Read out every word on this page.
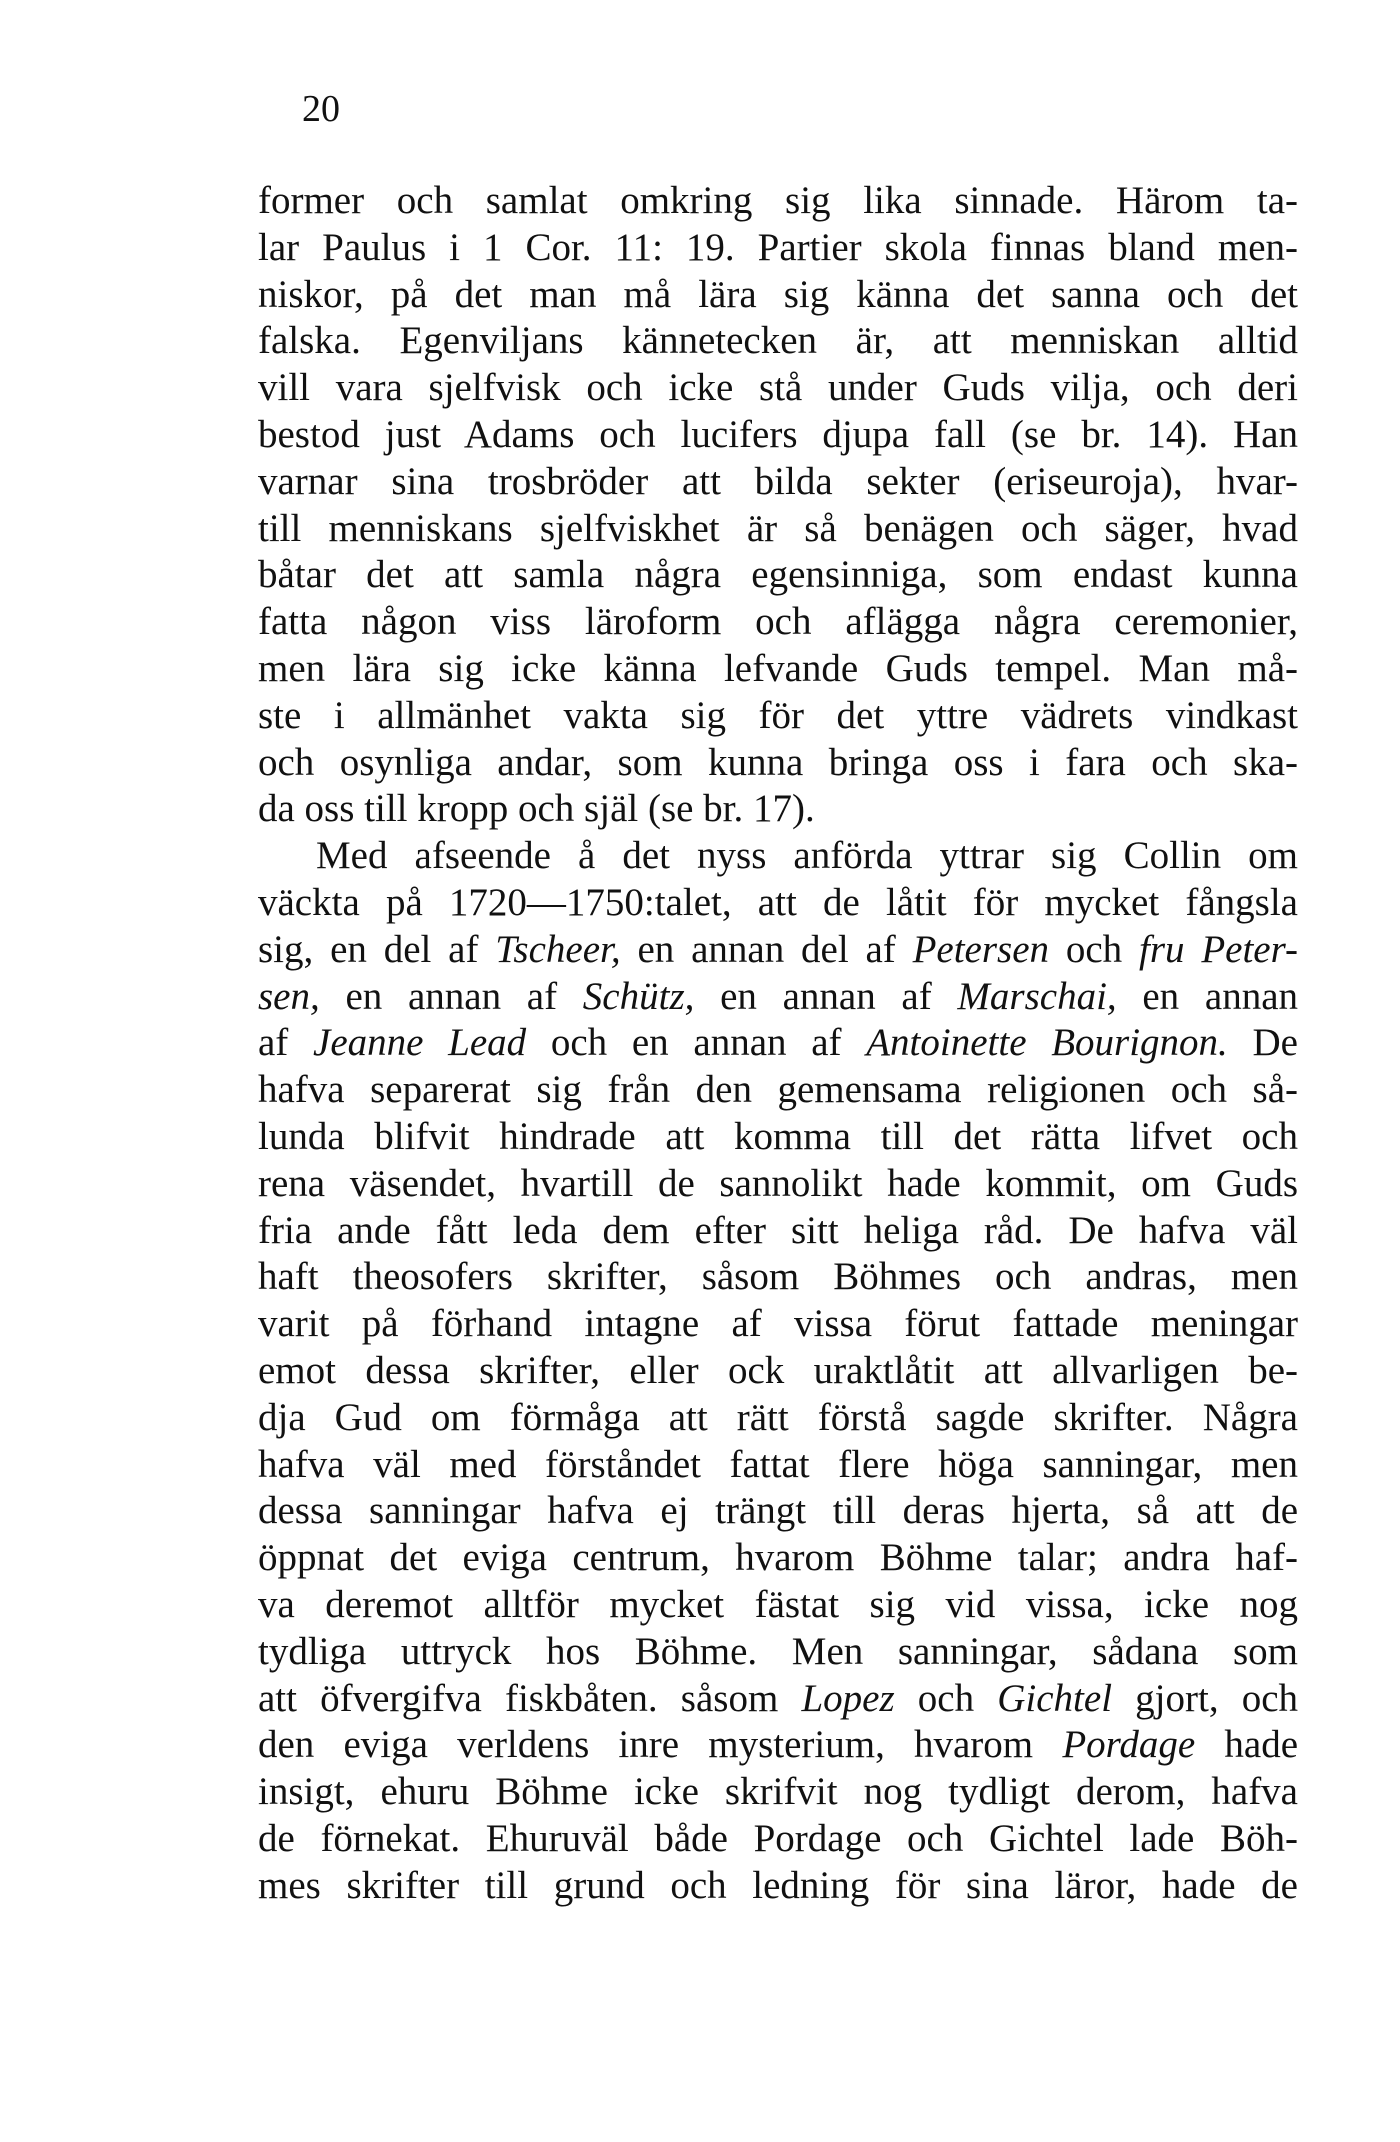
20
former och samlat omkring sig lika sinnade. Härom ta-
lar Paulus i 1 Cor. 11: 19. Partier skola finnas bland men-
niskor, på det man må lära sig känna det sanna och det
falska. Egenviljans kännetecken är, att menniskan alltid
vill vara sjelfvisk och icke stå under Guds vilja, och deri
bestod just Adams och lucifers djupa fall (se br. 14). Han
varnar sina trosbröder att bilda sekter (eriseuroja), hvar-
till menniskans sjelfviskhet är så benägen och säger, hvad
båtar det att samla några egensinniga, som endast kunna
fatta någon viss läroform och aflägga några ceremonier,
men lära sig icke känna lefvande Guds tempel. Man må-
ste i allmänhet vakta sig för det yttre vädrets vindkast
och osynliga andar, som kunna bringa oss i fara och ska-
da oss till kropp och själ (se br. 17).
Med afseende å det nyss anförda yttrar sig Collin om
väckta på 1720—1750:talet, att de låtit för mycket fångsla
sig, en del af Tscheer, en annan del af Petersen och fru Peter-
sen, en annan af Schütz, en annan af Marschai, en annan
af Jeanne Lead och en annan af Antoinette Bourignon. De
hafva separerat sig från den gemensama religionen och så-
lunda blifvit hindrade att komma till det rätta lifvet och
rena väsendet, hvartill de sannolikt hade kommit, om Guds
fria ande fått leda dem efter sitt heliga råd. De hafva väl
haft theosofers skrifter, såsom Böhmes och andras, men
varit på förhand intagne af vissa förut fattade meningar
emot dessa skrifter, eller ock uraktlåtit att allvarligen be-
dja Gud om förmåga att rätt förstå sagde skrifter. Några
hafva väl med förståndet fattat flere höga sanningar, men
dessa sanningar hafva ej trängt till deras hjerta, så att de
öppnat det eviga centrum, hvarom Böhme talar; andra haf-
va deremot alltför mycket fästat sig vid vissa, icke nog
tydliga uttryck hos Böhme. Men sanningar, sådana som
att öfvergifva fiskbåten. såsom Lopez och Gichtel gjort, och
den eviga verldens inre mysterium, hvarom Pordage hade
insigt, ehuru Böhme icke skrifvit nog tydligt derom, hafva
de förnekat. Ehuruväl både Pordage och Gichtel lade Böh-
mes skrifter till grund och ledning för sina läror, hade de
